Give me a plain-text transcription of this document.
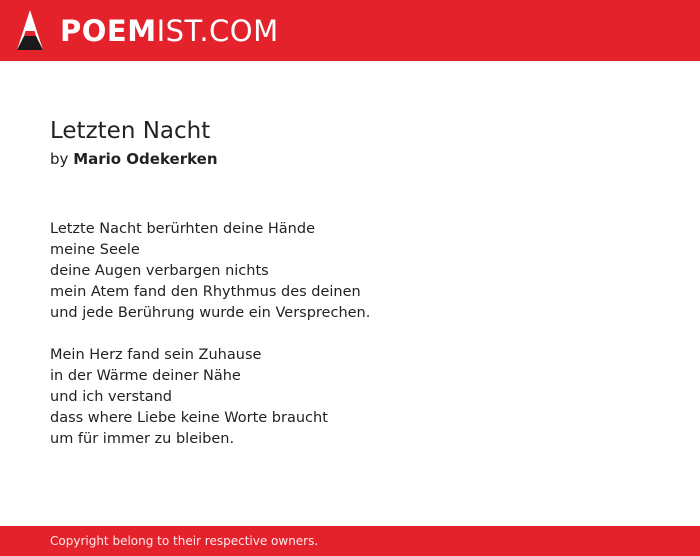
POEMIST.COM
Letzten Nacht
by Mario Odekerken
Letzte Nacht berürhten deine Hände
meine Seele
deine Augen verbargen nichts
mein Atem fand den Rhythmus des deinen
und jede Berührung wurde ein Versprechen.
Mein Herz fand sein Zuhause
in der Wärme deiner Nähe
und ich verstand
dass where Liebe keine Worte braucht
um für immer zu bleiben.
Copyright belong to their respective owners.
